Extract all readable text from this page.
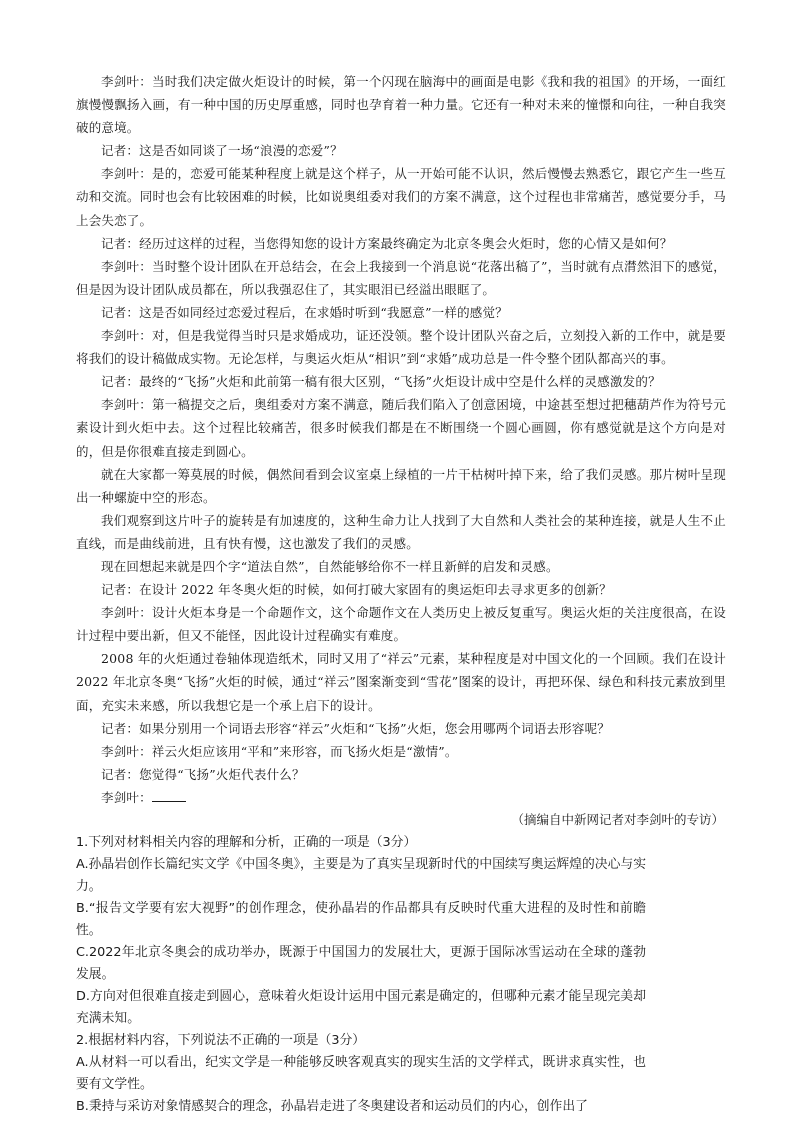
李剑叶：当时我们决定做火炬设计的时候，第一个闪现在脑海中的画面是电影《我和我的祖国》的开场，一面红旗慢慢飘扬入画，有一种中国的历史厚重感，同时也孕育着一种力量。它还有一种对未来的憧憬和向往，一种自我突破的意境。

记者：这是否如同谈了一场“浪漫的恋爱”？

李剑叶：是的，恋爱可能某种程度上就是这个样子，从一开始可能不认识，然后慢慢去熟悉它，跟它产生一些互动和交流。同时也会有比较困难的时候，比如说奥组委对我们的方案不满意，这个过程也非常痛苦，感觉要分手，马上会失恋了。

记者：经历过这样的过程，当您得知您的设计方案最终确定为北京冬奥会火炬时，您的心情又是如何？

李剑叶：当时整个设计团队在开总结会，在会上我接到一个消息说“花落出稿了”，当时就有点潸然泪下的感觉，但是因为设计团队成员都在，所以我强忍住了，其实眼泪已经溢出眼眶了。

记者：这是否如同经过恋爱过程后，在求婚时听到“我愿意”一样的感觉？

李剑叶：对，但是我觉得当时只是求婚成功，证还没领。整个设计团队兴奋之后，立刻投入新的工作中，就是要将我们的设计稿做成实物。无论怎样，与奥运火炬从“相识”到“求婚”成功总是一件令整个团队都高兴的事。

记者：最终的“飞扬”火炬和此前第一稿有很大区别，“飞扬”火炬设计成中空是什么样的灵感激发的？

李剑叶：第一稿提交之后，奥组委对方案不满意，随后我们陷入了创意困境，中途甚至想过把穗葫芦作为符号元素设计到火炬中去。这个过程比较痛苦，很多时候我们都是在不断围绕一个圆心画圆，你有感觉就是这个方向是对的，但是你很难直接走到圆心。

就在大家都一筹莫展的时候，偶然间看到会议室桌上绿植的一片干枯树叶掉下来，给了我们灵感。那片树叶呈现出一种螺旋中空的形态。

我们观察到这片叶子的旋转是有加速度的，这种生命力让人找到了大自然和人类社会的某种连接，就是人生不止直线，而是曲线前进，且有快有慢，这也激发了我们的灵感。

现在回想起来就是四个字“道法自然”，自然能够给你不一样且新鲜的启发和灵感。

记者：在设计 2022 年冬奥火炬的时候，如何打破大家固有的奥运炬印去寻求更多的创新？

李剑叶：设计火炬本身是一个命题作文，这个命题作文在人类历史上被反复重写。奥运火炬的关注度很高，在设计过程中要出新，但又不能怪，因此设计过程确实有难度。

2008 年的火炬通过卷轴体现造纸术，同时又用了“祥云”元素，某种程度是对中国文化的一个回顾。我们在设计 2022 年北京冬奥“飞扬”火炬的时候，通过“祥云”图案渐变到“雪花”图案的设计，再把环保、绿色和科技元素放到里面，充实未来感，所以我想它是一个承上启下的设计。

记者：如果分别用一个词语去形容“祥云”火炬和“飞扬”火炬，您会用哪两个词语去形容呢？

李剑叶：祥云火炬应该用“平和”来形容，而飞扬火炬是“激情”。

记者：您觉得“飞扬”火炬代表什么？

李剑叶：

（摘编自中新网记者对李剑叶的专访）

1.下列对材料相关内容的理解和分析，正确的一项是（3分）

A.孙晶岩创作长篇纪实文学《中国冬奥》，主要是为了真实呈现新时代的中国续写奥运辉煌的决心与实力。

B.“报告文学要有宏大视野”的创作理念，使孙晶岩的作品都具有反映时代重大进程的及时性和前瞻性。

C.2022年北京冬奥会的成功举办，既源于中国国力的发展壮大，更源于国际冰雪运动在全球的蓬勃发展。

D.方向对但很难直接走到圆心，意味着火炬设计运用中国元素是确定的，但哪种元素才能呈现完美却充满未知。

2.根据材料内容，下列说法不正确的一项是（3分）

A.从材料一可以看出，纪实文学是一种能够反映客观真实的现实生活的文学样式，既讲求真实性，也要有文学性。

B.秉持与采访对象情感契合的理念，孙晶岩走进了冬奥建设者和运动员们的内心，创作出了
